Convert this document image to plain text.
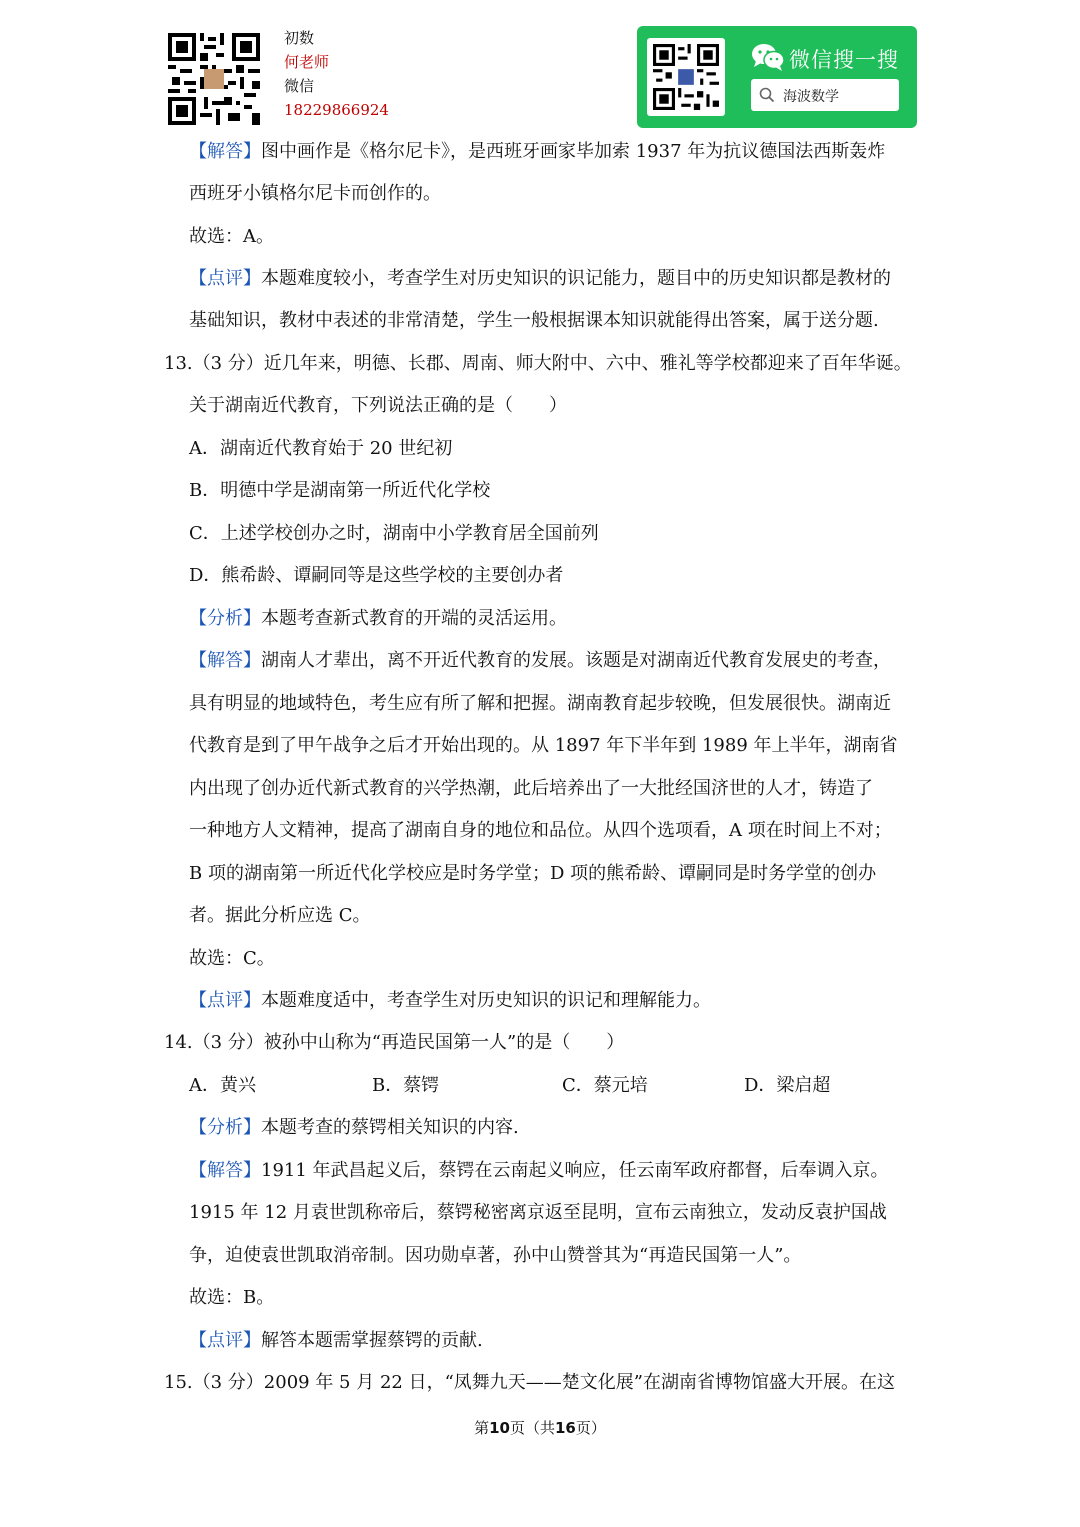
初数
何老师
微信
18229866924
微信搜一搜
海波数学
【解答】图中画作是《格尔尼卡》，是西班牙画家毕加索 1937 年为抗议德国法西斯轰炸
西班牙小镇格尔尼卡而创作的。
故选：A。
【点评】本题难度较小，考查学生对历史知识的识记能力，题目中的历史知识都是教材的
基础知识，教材中表述的非常清楚，学生一般根据课本知识就能得出答案，属于送分题.
13.（3 分）近几年来，明德、长郡、周南、师大附中、六中、雅礼等学校都迎来了百年华诞。
关于湖南近代教育，下列说法正确的是（　　）
A．湖南近代教育始于 20 世纪初
B．明德中学是湖南第一所近代化学校
C．上述学校创办之时，湖南中小学教育居全国前列
D．熊希龄、谭嗣同等是这些学校的主要创办者
【分析】本题考查新式教育的开端的灵活运用。
【解答】湖南人才辈出，离不开近代教育的发展。该题是对湖南近代教育发展史的考查，
具有明显的地域特色，考生应有所了解和把握。湖南教育起步较晚，但发展很快。湖南近
代教育是到了甲午战争之后才开始出现的。从 1897 年下半年到 1989 年上半年，湖南省
内出现了创办近代新式教育的兴学热潮，此后培养出了一大批经国济世的人才，铸造了
一种地方人文精神，提高了湖南自身的地位和品位。从四个选项看，A 项在时间上不对；
B 项的湖南第一所近代化学校应是时务学堂；D 项的熊希龄、谭嗣同是时务学堂的创办
者。据此分析应选 C。
故选：C。
【点评】本题难度适中，考查学生对历史知识的识记和理解能力。
14.（3 分）被孙中山称为“再造民国第一人”的是（　　）
A．黄兴	B．蔡锷	C．蔡元培	D．梁启超
【分析】本题考查的蔡锷相关知识的内容.
【解答】1911 年武昌起义后，蔡锷在云南起义响应，任云南军政府都督，后奉调入京。
1915 年 12 月袁世凯称帝后，蔡锷秘密离京返至昆明，宣布云南独立，发动反袁护国战
争，迫使袁世凯取消帝制。因功勋卓著，孙中山赞誉其为“再造民国第一人”。
故选：B。
【点评】解答本题需掌握蔡锷的贡献.
15.（3 分）2009 年 5 月 22 日，“凤舞九天——楚文化展”在湖南省博物馆盛大开展。在这
第10页（共16页）
